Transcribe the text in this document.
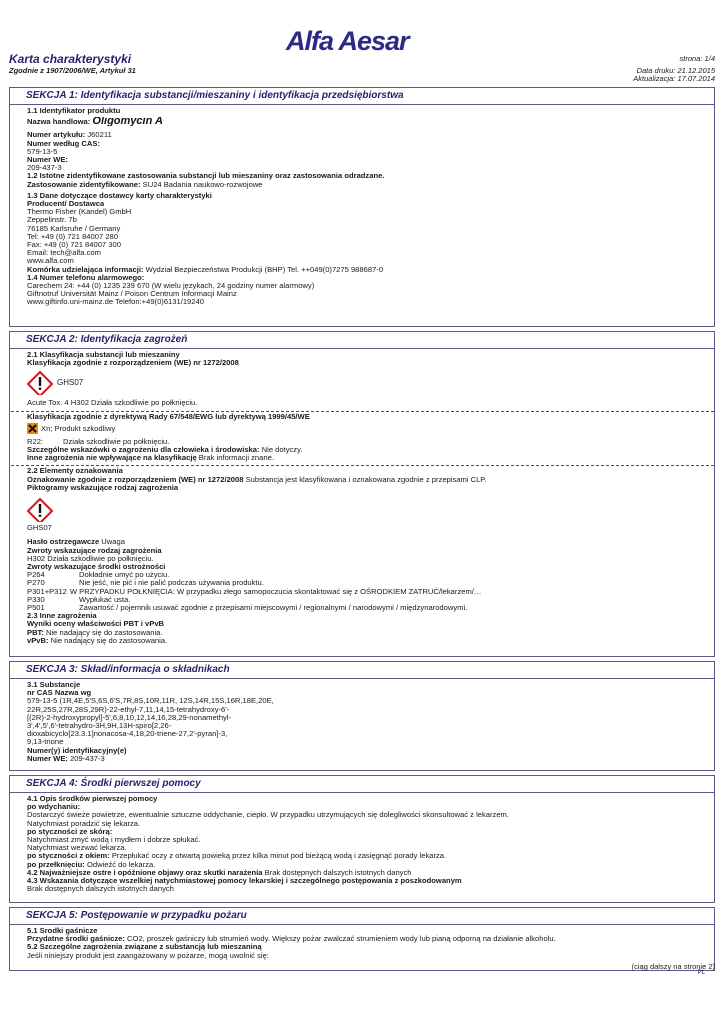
Karta charakterystyki
Zgodnie z 1907/2006/WE, Artykuł 31
Alfa Aesar
strona: 1/4
Data druku: 21.12.2015
Aktualizacja: 17.07.2014
SEKCJA 1: Identyfikacja substancji/mieszaniny i identyfikacja przedsiębiorstwa
1.1 Identyfikator produktu
Nazwa handlowa: Oligomycin A
Numer artykułu: J60211
Numer według CAS:
579-13-5
Numer WE:
209-437-3
1.2 Istotne zidentyfikowane zastosowania substancji lub mieszaniny oraz zastosowania odradzane.
Zastosowanie zidentyfikowane: SU24 Badania naukowo-rozwojowe
1.3 Dane dotyczące dostawcy karty charakterystyki
Producent/ Dostawca
Thermo Fisher (Kandel) GmbH
Zeppelinstr. 7b
76185 Karlsruhe / Germany
Tel: +49 (0) 721 84007 280
Fax: +49 (0) 721 84007 300
Email: tech@alfa.com
www.alfa.com
Komórka udzielająca informacji: Wydział Bezpieczeństwa Produkcji (BHP) Tel. ++049(0)7275 988687-0
1.4 Numer telefonu alarmowego:
Carechem 24: +44 (0) 1235 239 670 (W wielu językach, 24 godziny numer alarmowy)
Giftnotruf Universität Mainz / Poison Centrum Informacji Mainz
www.giftinfo.uni-mainz.de Telefon:+49(0)6131/19240
SEKCJA 2: Identyfikacja zagrożeń
2.1 Klasyfikacja substancji lub mieszaniny
Klasyfikacja zgodnie z rozporządzeniem (WE) nr 1272/2008
GHS07
Acute Tox. 4 H302 Działa szkodliwie po połknięciu.
Klasyfikacja zgodnie z dyrektywą Rady 67/548/EWG lub dyrektywą 1999/45/WE
Xn; Produkt szkodliwy
R22:	Działa szkodliwie po połknięciu.
Szczególne wskazówki o zagrożeniu dla człowieka i środowiska: Nie dotyczy.
Inne zagrożenia nie wpływające na klasyfikację Brak informacji znane.
2.2 Elementy oznakowania
Oznakowanie zgodnie z rozporządzeniem (WE) nr 1272/2008 Substancja jest klasyfikowana i oznakowana zgodnie z przepisami CLP.
Piktogramy wskazujące rodzaj zagrożenia
GHS07
Hasło ostrzegawcze Uwaga
Zwroty wskazujące rodzaj zagrożenia
H302 Działa szkodliwie po połknięciu.
Zwroty wskazujące środki ostrożności
P264	Dokładnie umyć po użyciu.
P270	Nie jeść, nie pić i nie palić podczas używania produktu.
P301+P312 W PRZYPADKU POŁKNIĘCIA: W przypadku złego samopoczucia skontaktować się z OŚRODKIEM ZATRUĆ/lekarzem/…
P330	Wypłukać usta.
P501	Zawartość / pojemnik usuwać zgodnie z przepisami miejscowymi / regionalnymi / narodowymi / międzynarodowymi.
2.3 Inne zagrożenia
Wyniki oceny właściwości PBT i vPvB
PBT: Nie nadający się do zastosowania.
vPvB: Nie nadający się do zastosowania.
SEKCJA 3: Skład/informacja o składnikach
3.1 Substancje
nr CAS Nazwa wg
579-13-5 (1R,4E,5'S,6S,6'S,7R,8S,10R,11R, 12S,14R,15S,16R,18E,20E,
22R,25S,27R,28S,29R)-22-ethyl-7,11,14,15-tetrahydroxy-6'-
[(2R)-2-hydroxypropyl]-5',6,8,10,12,14,16,28,29-nonamethyl-
3',4',5',6'-tetrahydro-3H,9H,13H-spiro[2,26-
dioxabicyclo[23.3.1]nonacosa-4,18,20-triene-27,2'-pyran]-3,
9,13-trione
Numer(y) identyfikacyjny(e)
Numer WE: 209-437-3
SEKCJA 4: Środki pierwszej pomocy
4.1 Opis środków pierwszej pomocy
po wdychaniu:
Dostarczyć świeże powietrze, ewentualnie sztuczne oddychanie, ciepło. W przypadku utrzymujących się dolegliwości skonsultować z lekarzem.
Natychmiast poradzić się lekarza.
po styczności ze skórą:
Natychmiast zmyć wodą i mydłem i dobrze spłukać.
Natychmiast wezwać lekarza.
po styczności z okiem: Przepłukać oczy z otwartą powieką przez kilka minut pod bieżącą wodą i zasięgnąć porady lekarza.
po przełknięciu: Odwieźć do lekarza.
4.2 Najważniejsze ostre i opóźnione objawy oraz skutki narażenia Brak dostępnych dalszych istotnych danych
4.3 Wskazania dotyczące wszelkiej natychmiastowej pomocy lekarskiej i szczególnego postępowania z poszkodowanym
Brak dostępnych dalszych istotnych danych
SEKCJA 5: Postępowanie w przypadku pożaru
5.1 Środki gaśnicze
Przydatne środki gaśnicze: CO2, proszek gaśniczy lub strumień wody. Większy pożar zwalczać strumieniem wody lub pianą odporną na działanie alkoholu.
5.2 Szczególne zagrożenia związane z substancją lub mieszaniną
Jeśli niniejszy produkt jest zaangażowany w pożarze, mogą uwolnić się:
(ciąg dalszy na stronie 2)
PL
